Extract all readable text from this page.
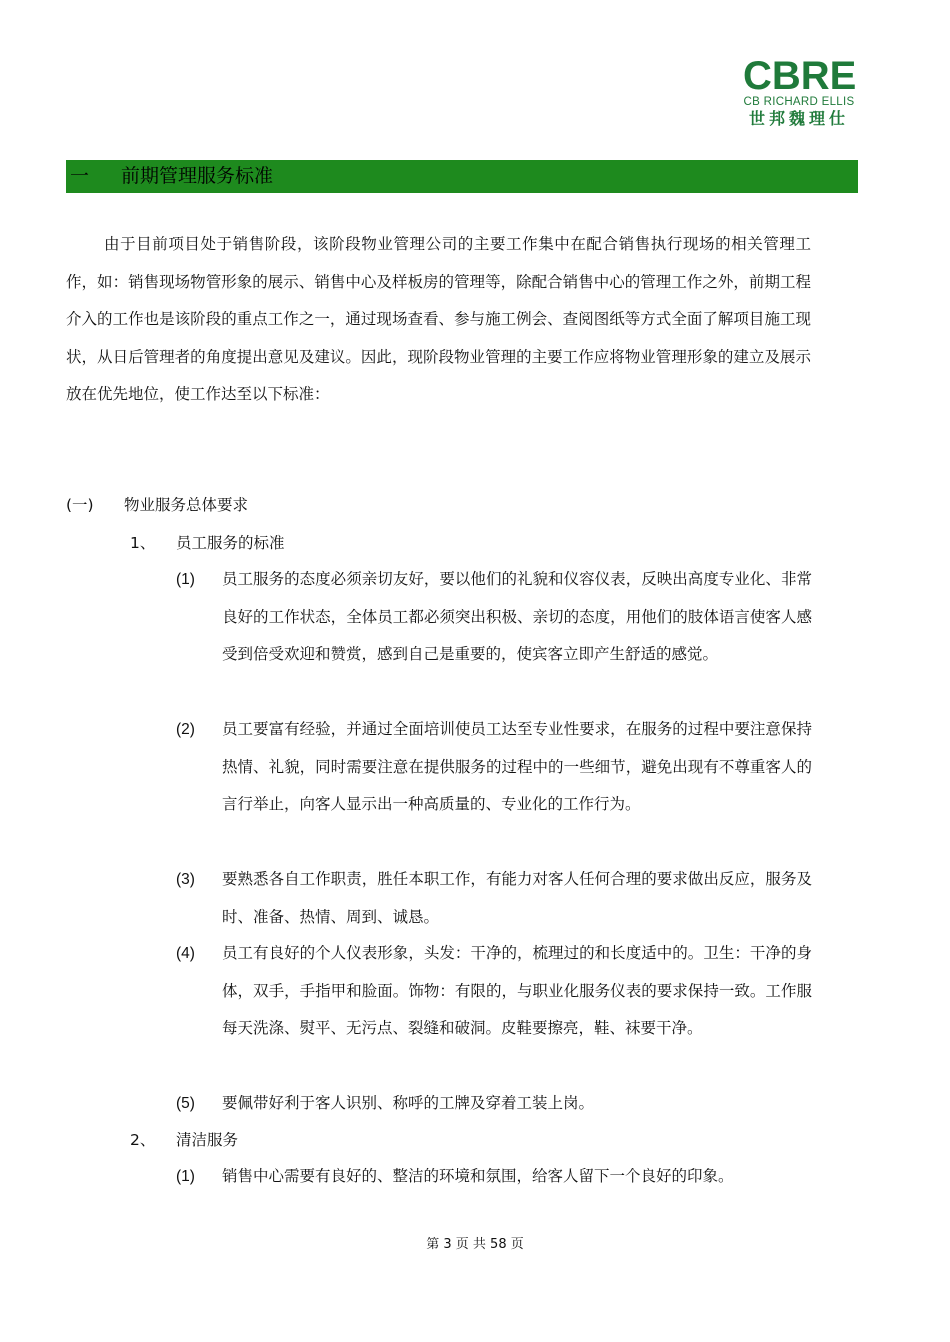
CBRE
CB RICHARD ELLIS
世邦魏理仕
一 前期管理服务标准
由于目前项目处于销售阶段，该阶段物业管理公司的主要工作集中在配合销售执行现场的相关管理工作，如：销售现场物管形象的展示、销售中心及样板房的管理等，除配合销售中心的管理工作之外，前期工程介入的工作也是该阶段的重点工作之一，通过现场查看、参与施工例会、查阅图纸等方式全面了解项目施工现状，从日后管理者的角度提出意见及建议。因此，现阶段物业管理的主要工作应将物业管理形象的建立及展示放在优先地位，使工作达至以下标准：
(一) 物业服务总体要求
1、 员工服务的标准
(1) 员工服务的态度必须亲切友好，要以他们的礼貌和仪容仪表，反映出高度专业化、非常良好的工作状态，全体员工都必须突出积极、亲切的态度，用他们的肢体语言使客人感受到倍受欢迎和赞赏，感到自己是重要的，使宾客立即产生舒适的感觉。
(2) 员工要富有经验，并通过全面培训使员工达至专业性要求，在服务的过程中要注意保持热情、礼貌，同时需要注意在提供服务的过程中的一些细节，避免出现有不尊重客人的言行举止，向客人显示出一种高质量的、专业化的工作行为。
(3) 要熟悉各自工作职责，胜任本职工作，有能力对客人任何合理的要求做出反应，服务及时、准备、热情、周到、诚恳。
(4) 员工有良好的个人仪表形象，头发：干净的，梳理过的和长度适中的。卫生：干净的身体，双手，手指甲和脸面。饰物：有限的，与职业化服务仪表的要求保持一致。工作服每天洗涤、熨平、无污点、裂缝和破洞。皮鞋要擦亮，鞋、袜要干净。
(5) 要佩带好利于客人识别、称呼的工牌及穿着工装上岗。
2、 清洁服务
(1) 销售中心需要有良好的、整洁的环境和氛围，给客人留下一个良好的印象。
第 3 页 共 58 页
